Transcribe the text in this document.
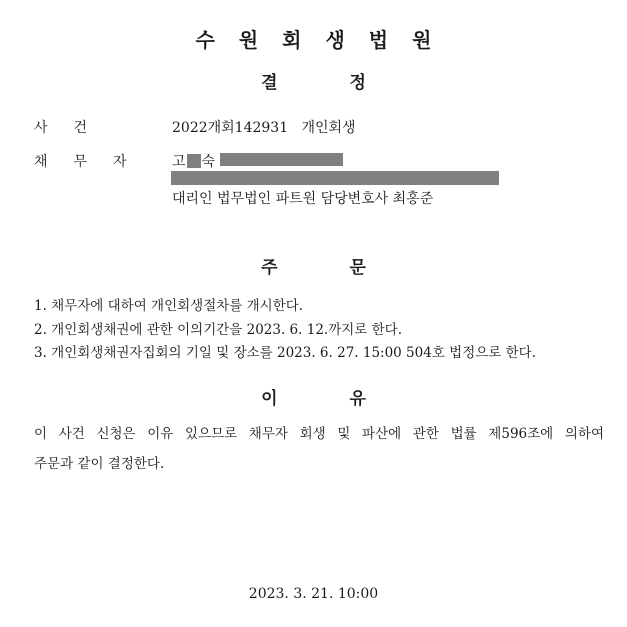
수원회생법원
결정
사건	2022개회142931 개인회생
채무자 고 숙
대리인 법무법인 파트원 담당변호사 최홍준
주문
1. 채무자에 대하여 개인회생절차를 개시한다.
2. 개인회생채권에 관한 이의기간을 2023. 6. 12.까지로 한다.
3. 개인회생채권자집회의 기일 및 장소를 2023. 6. 27. 15:00 504호 법정으로 한다.
이유
이 사건 신청은 이유 있으므로 채무자 회생 및 파산에 관한 법률 제596조에 의하여
주문과 같이 결정한다.
2023. 3. 21. 10:00
